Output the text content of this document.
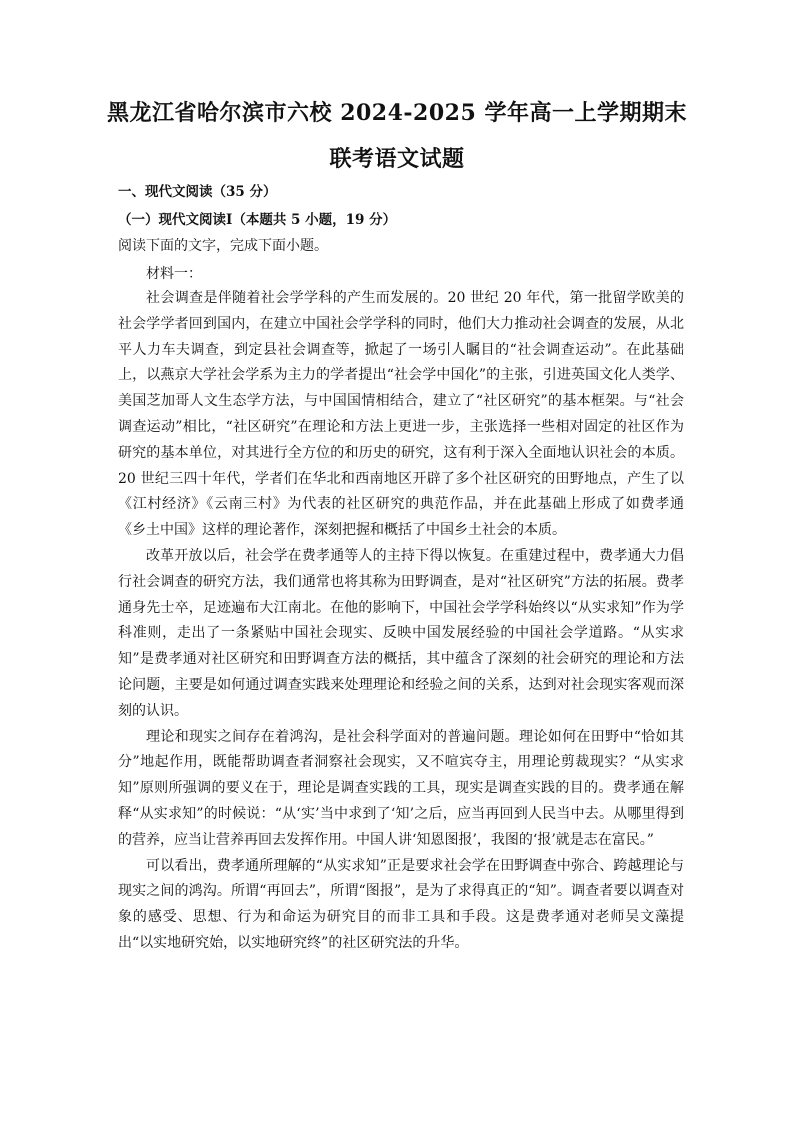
黑龙江省哈尔滨市六校 2024-2025 学年高一上学期期末
联考语文试题
一、现代文阅读（35 分）
（一）现代文阅读Ⅰ（本题共 5 小题，19 分）
阅读下面的文字，完成下面小题。
材料一：

社会调查是伴随着社会学学科的产生而发展的。20 世纪 20 年代，第一批留学欧美的社会学学者回到国内，在建立中国社会学学科的同时，他们大力推动社会调查的发展，从北平人力车夫调查，到定县社会调查等，掀起了一场引人瞩目的“社会调查运动”。在此基础上，以燕京大学社会学系为主力的学者提出“社会学中国化”的主张，引进英国文化人类学、美国芝加哥人文生态学方法，与中国国情相结合，建立了“社区研究”的基本框架。与“社会调查运动”相比，“社区研究”在理论和方法上更进一步，主张选择一些相对固定的社区作为研究的基本单位，对其进行全方位的和历史的研究，这有利于深入全面地认识社会的本质。20 世纪三四十年代，学者们在华北和西南地区开辟了多个社区研究的田野地点，产生了以《江村经济》《云南三村》为代表的社区研究的典范作品，并在此基础上形成了如费孝通《乡土中国》这样的理论著作，深刻把握和概括了中国乡土社会的本质。

改革开放以后，社会学在费孝通等人的主持下得以恢复。在重建过程中，费孝通大力倡行社会调查的研究方法，我们通常也将其称为田野调查，是对“社区研究”方法的拓展。费孝通身先士卒，足迹遍布大江南北。在他的影响下，中国社会学学科始终以“从实求知”作为学科准则，走出了一条紧贴中国社会现实、反映中国发展经验的中国社会学道路。“从实求知”是费孝通对社区研究和田野调查方法的概括，其中蕴含了深刻的社会研究的理论和方法论问题，主要是如何通过调查实践来处理理论和经验之间的关系，达到对社会现实客观而深刻的认识。

理论和现实之间存在着鸿沟，是社会科学面对的普遍问题。理论如何在田野中“恰如其分”地起作用，既能帮助调查者洞察社会现实，又不喧宾夺主，用理论剪裁现实？“从实求知”原则所强调的要义在于，理论是调查实践的工具，现实是调查实践的目的。费孝通在解释“从实求知”的时候说：“从‘实’当中求到了‘知’之后，应当再回到人民当中去。从哪里得到的营养，应当让营养再回去发挥作用。中国人讲‘知恩图报’，我图的‘报’就是志在富民。”

可以看出，费孝通所理解的“从实求知”正是要求社会学在田野调查中弥合、跨越理论与现实之间的鸿沟。所谓“再回去”，所谓“图报”，是为了求得真正的“知”。调查者要以调查对象的感受、思想、行为和命运为研究目的而非工具和手段。这是费孝通对老师吴文藻提出“以实地研究始，以实地研究终”的社区研究法的升华。
